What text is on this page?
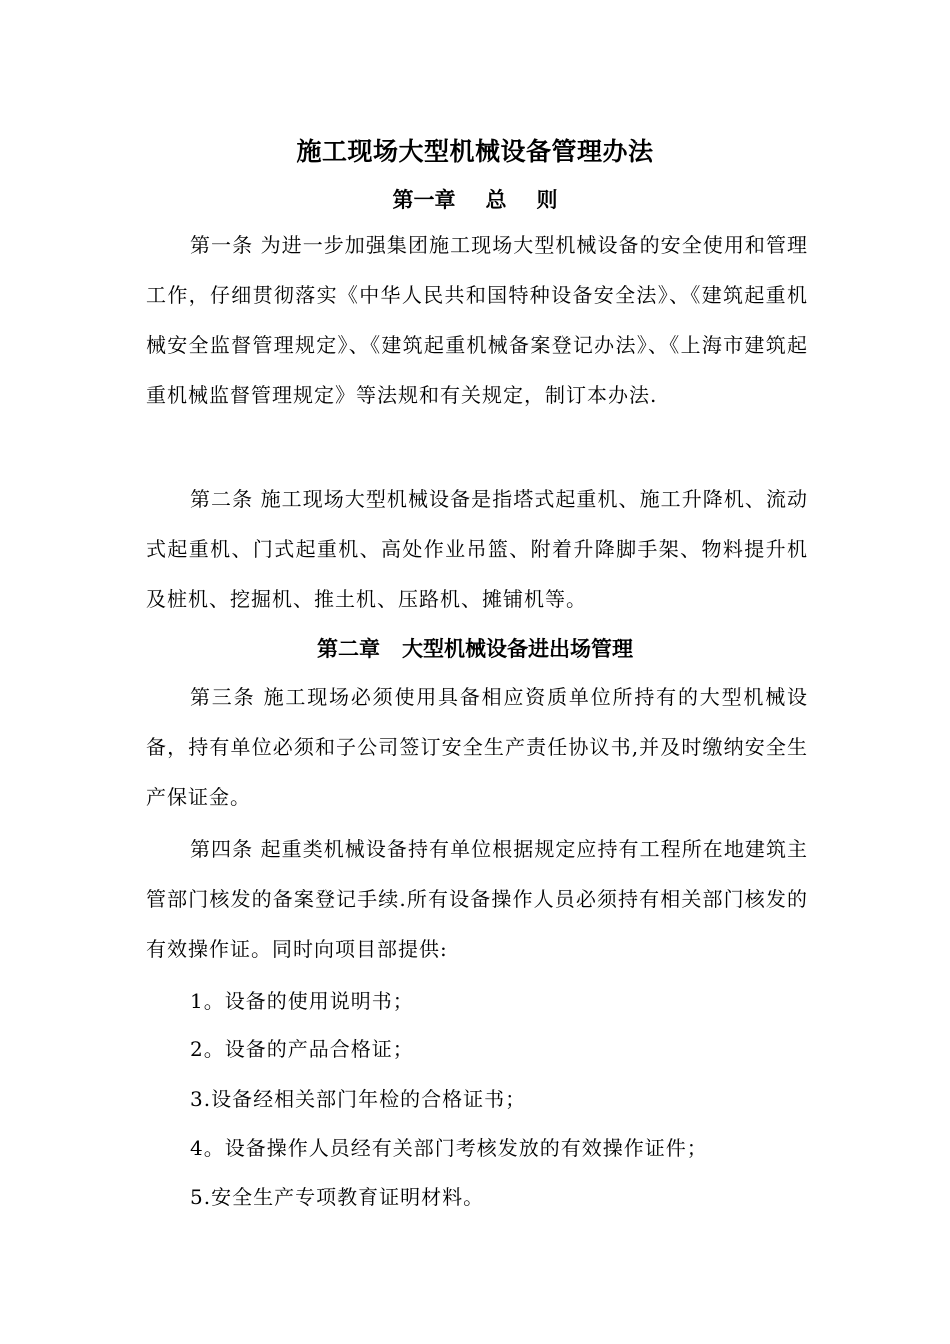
施工现场大型机械设备管理办法
第一章 总 则

第一条 为进一步加强集团施工现场大型机械设备的安全使用和管理工作，仔细贯彻落实《中华人民共和国特种设备安全法》、《建筑起重机械安全监督管理规定》、《建筑起重机械备案登记办法》、《上海市建筑起重机械监督管理规定》等法规和有关规定，制订本办法.

第二条 施工现场大型机械设备是指塔式起重机、施工升降机、流动式起重机、门式起重机、高处作业吊篮、附着升降脚手架、物料提升机及桩机、挖掘机、推土机、压路机、摊铺机等。

第二章 大型机械设备进出场管理

第三条 施工现场必须使用具备相应资质单位所持有的大型机械设备，持有单位必须和子公司签订安全生产责任协议书,并及时缴纳安全生产保证金。

第四条 起重类机械设备持有单位根据规定应持有工程所在地建筑主管部门核发的备案登记手续.所有设备操作人员必须持有相关部门核发的有效操作证。同时向项目部提供:

1。设备的使用说明书；

2。设备的产品合格证；

3.设备经相关部门年检的合格证书；

4。设备操作人员经有关部门考核发放的有效操作证件；

5.安全生产专项教育证明材料。
